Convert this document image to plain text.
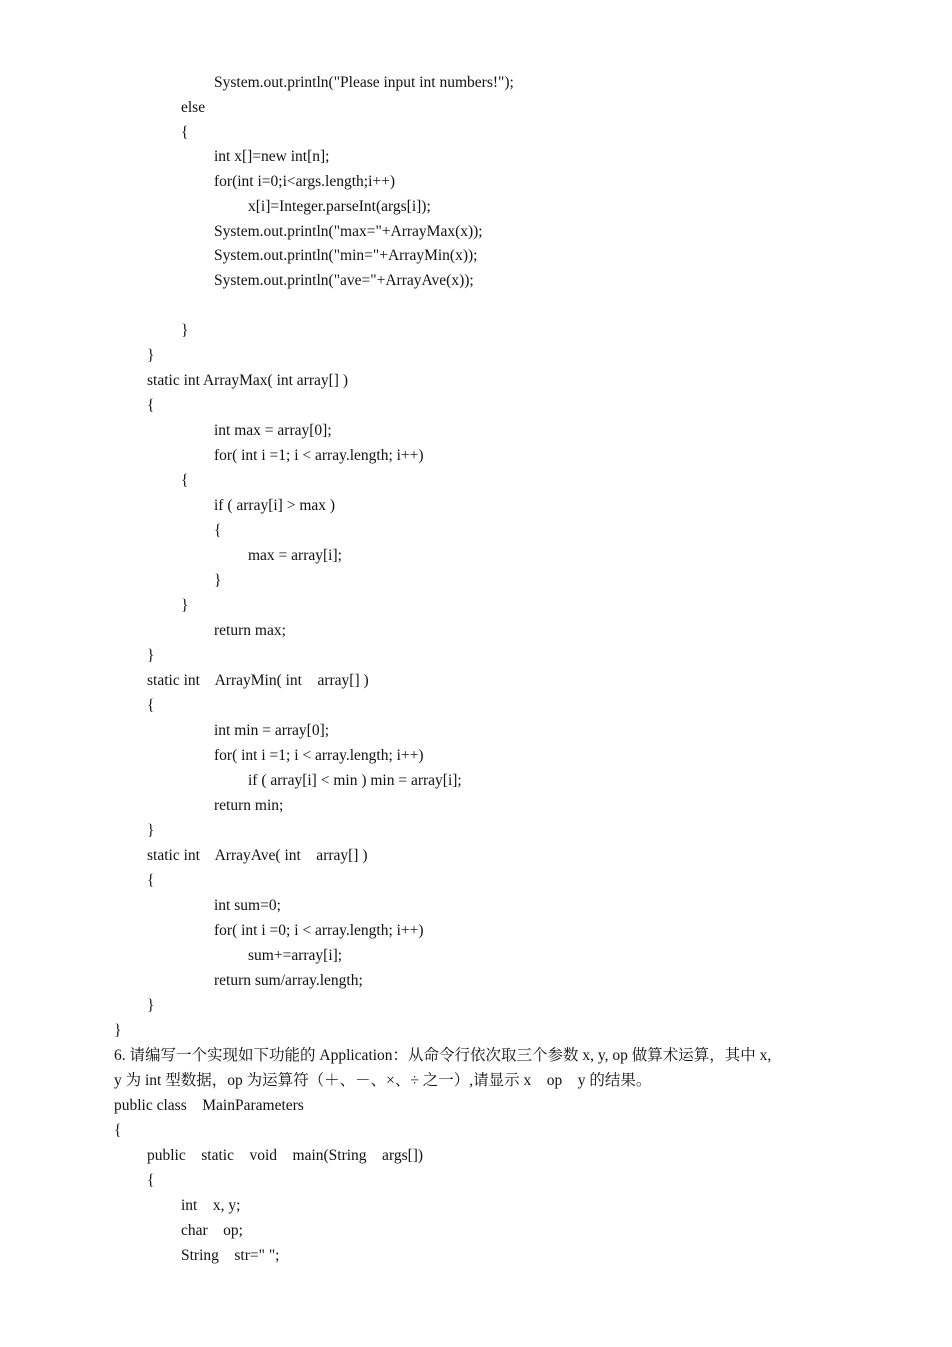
System.out.println("Please input int numbers!");
else
{
int x[]=new int[n];
for(int i=0;i<args.length;i++)
x[i]=Integer.parseInt(args[i]);
System.out.println("max="+ArrayMax(x));
System.out.println("min="+ArrayMin(x));
System.out.println("ave="+ArrayAve(x));
}
}
static int ArrayMax( int array[] )
{
int max = array[0];
for( int i =1; i < array.length; i++)
{
if ( array[i] > max )
{
max = array[i];
}
}
return max;
}
static int    ArrayMin( int    array[] )
{
int min = array[0];
for( int i =1; i < array.length; i++)
if ( array[i] < min ) min = array[i];
return min;
}
static int    ArrayAve( int    array[] )
{
int sum=0;
for( int i =0; i < array.length; i++)
sum+=array[i];
return sum/array.length;
}
}
6. 请编写一个实现如下功能的 Application：从命令行依次取三个参数 x, y, op 做算术运算，其中 x,
y 为 int 型数据，op 为运算符（＋、－、×、÷ 之一）,请显示 x    op    y 的结果。
public class    MainParameters
{
public    static    void    main(String    args[])
{
int    x, y;
char    op;
String    str=" ";
